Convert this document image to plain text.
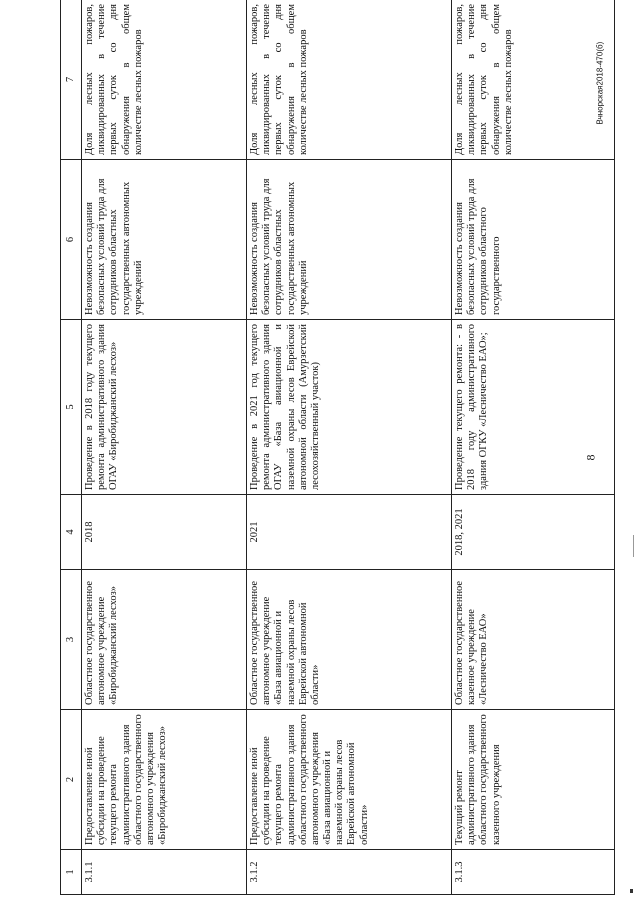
1	2	3	4	5	6	7
3.1.1	Предоставление иной субсидии на проведение текущего ремонта административного здания областного государственного автономного учреждения «Биробиджанский лесхоз»	Областное государственное автономное учреждение «Биробиджанский лесхоз»	2018	Проведение в 2018 году текущего ремонта административного здания ОГАУ «Биробиджанский лесхоз»	Невозможность создания безопасных условий труда для сотрудников областных государственных автономных учреждений	Доля лесных пожаров, ликвидированных в течение первых суток со дня обнаружения в общем количестве лесных пожаров
3.1.2	Предоставление иной субсидии на проведение текущего ремонта административного здания областного государственного автономного учреждения «База авиационной и наземной охраны лесов Еврейской автономной области»	Областное государственное автономное учреждение «База авиационной и наземной охраны лесов Еврейской автономной области»	2021	Проведение в 2021 год текущего ремонта административного здания ОГАУ «База авиационной и наземной охраны лесов Еврейской автономной области (Амурзетский лесохозяйственный участок)	Невозможность создания безопасных условий труда для сотрудников областных государственных автономных учреждений	Доля лесных пожаров, ликвидированных в течение первых суток со дня обнаружения в общем количестве лесных пожаров
3.1.3	Текущий ремонт административного здания областного государственного казенного учреждения	Областное государственное казенное учреждение «Лесничество ЕАО»	2018, 2021	Проведение текущего ремонта: - в 2018 году административного здания ОГКУ «Лесничество ЕАО»;	Невозможность создания безопасных условий труда для сотрудников областного государственного	Доля лесных пожаров, ликвидированных в течение первых суток со дня обнаружения в общем количестве лесных пожаров
8
Вчнорская2018-470(б)
